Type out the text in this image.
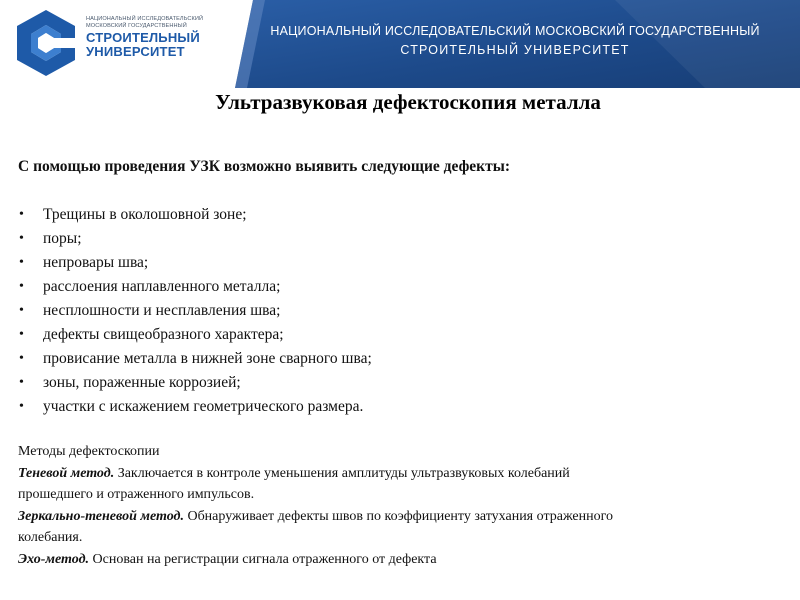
НАЦИОНАЛЬНЫЙ ИССЛЕДОВАТЕЛЬСКИЙ
МОСКОВСКИЙ ГОСУДАРСТВЕННЫЙ
СТРОИТЕЛЬНЫЙ
УНИВЕРСИТЕТ
НАЦИОНАЛЬНЫЙ ИССЛЕДОВАТЕЛЬСКИЙ МОСКОВСКИЙ ГОСУДАРСТВЕННЫЙ
СТРОИТЕЛЬНЫЙ УНИВЕРСИТЕТ
Ультразвуковая дефектоскопия металла
С помощью проведения УЗК возможно выявить следующие дефекты:
• Трещины в околошовной зоне;
• поры;
• непровары шва;
• расслоения наплавленного металла;
• несплошности и несплавления шва;
• дефекты свищеобразного характера;
• провисание металла в нижней зоне сварного шва;
• зоны, пораженные коррозией;
• участки с искажением геометрического размера.

Методы дефектоскопии

Теневой метод. Заключается в контроле уменьшения амплитуды ультразвуковых колебаний прошедшего и отраженного импульсов.

Зеркально-теневой метод. Обнаруживает дефекты швов по коэффициенту затухания отраженного колебания.

Эхо-метод. Основан на регистрации сигнала отраженного от дефекта
